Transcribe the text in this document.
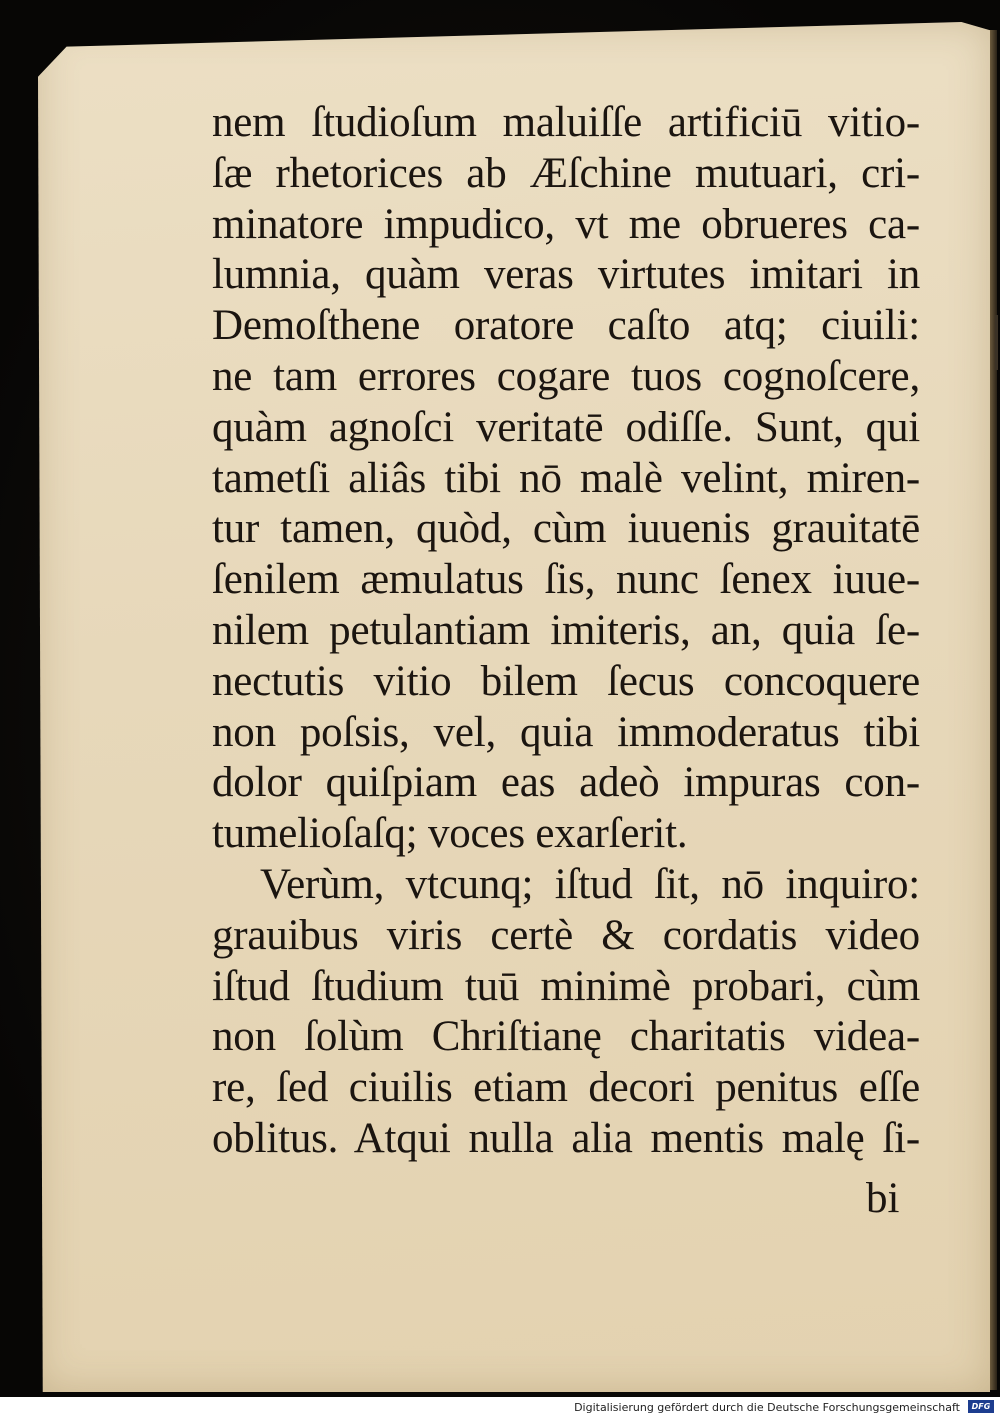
nem ſtudioſum maluiſſe artificiū vitio-
ſæ rhetorices ab Æſchine mutuari, cri-
minatore impudico, vt me obrueres ca-
lumnia, quàm veras virtutes imitari in
Demoſthene oratore caſto atq; ciuili:
ne tam errores cogare tuos cognoſcere,
quàm agnoſci veritatē odiſſe. Sunt, qui
tametſi aliâs tibi nō malè velint, miren-
tur tamen, quòd, cùm iuuenis grauitatē
ſenilem æmulatus ſis, nunc ſenex iuue-
nilem petulantiam imiteris, an, quia ſe-
nectutis vitio bilem ſecus concoquere
non poſsis, vel, quia immoderatus tibi
dolor quiſpiam eas adeò impuras con-
tumelioſaſq; voces exarſerit.
Verùm, vtcunq; iſtud ſit, nō inquiro:
grauibus viris certè & cordatis video
iſtud ſtudium tuū minimè probari, cùm
non ſolùm Chriſtianę charitatis videa-
re, ſed ciuilis etiam decori penitus eſſe
oblitus. Atqui nulla alia mentis malę ſi-
bi
Digitalisierung gefördert durch die Deutsche Forschungsgemeinschaft	DFG
